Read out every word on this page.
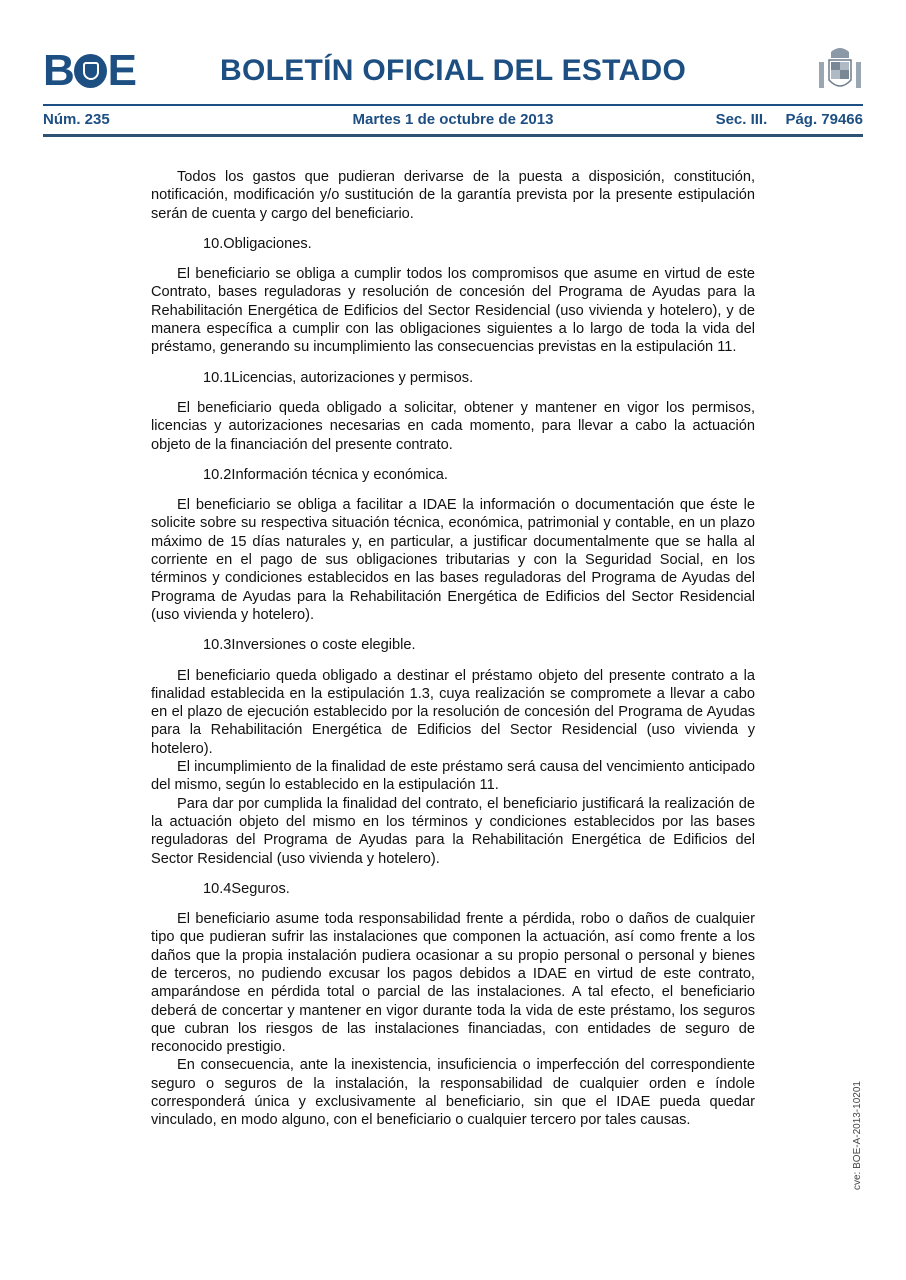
B E	BOLETÍN OFICIAL DEL ESTADO
Núm. 235	Martes 1 de octubre de 2013	Sec. III. Pág. 79466

Todos los gastos que pudieran derivarse de la puesta a disposición, constitución, notificación, modificación y/o sustitución de la garantía prevista por la presente estipulación serán de cuenta y cargo del beneficiario.

10.Obligaciones.

El beneficiario se obliga a cumplir todos los compromisos que asume en virtud de este Contrato, bases reguladoras y resolución de concesión del Programa de Ayudas para la Rehabilitación Energética de Edificios del Sector Residencial (uso vivienda y hotelero), y de manera específica a cumplir con las obligaciones siguientes a lo largo de toda la vida del préstamo, generando su incumplimiento las consecuencias previstas en la estipulación 11.

10.1Licencias, autorizaciones y permisos.

El beneficiario queda obligado a solicitar, obtener y mantener en vigor los permisos, licencias y autorizaciones necesarias en cada momento, para llevar a cabo la actuación objeto de la financiación del presente contrato.

10.2Información técnica y económica.

El beneficiario se obliga a facilitar a IDAE la información o documentación que éste le solicite sobre su respectiva situación técnica, económica, patrimonial y contable, en un plazo máximo de 15 días naturales y, en particular, a justificar documentalmente que se halla al corriente en el pago de sus obligaciones tributarias y con la Seguridad Social, en los términos y condiciones establecidos en las bases reguladoras del Programa de Ayudas del Programa de Ayudas para la Rehabilitación Energética de Edificios del Sector Residencial (uso vivienda y hotelero).

10.3Inversiones o coste elegible.

El beneficiario queda obligado a destinar el préstamo objeto del presente contrato a la finalidad establecida en la estipulación 1.3, cuya realización se compromete a llevar a cabo en el plazo de ejecución establecido por la resolución de concesión del Programa de Ayudas para la Rehabilitación Energética de Edificios del Sector Residencial (uso vivienda y hotelero).

El incumplimiento de la finalidad de este préstamo será causa del vencimiento anticipado del mismo, según lo establecido en la estipulación 11.

Para dar por cumplida la finalidad del contrato, el beneficiario justificará la realización de la actuación objeto del mismo en los términos y condiciones establecidos por las bases reguladoras del Programa de Ayudas para la Rehabilitación Energética de Edificios del Sector Residencial (uso vivienda y hotelero).

10.4Seguros.

El beneficiario asume toda responsabilidad frente a pérdida, robo o daños de cualquier tipo que pudieran sufrir las instalaciones que componen la actuación, así como frente a los daños que la propia instalación pudiera ocasionar a su propio personal o personal y bienes de terceros, no pudiendo excusar los pagos debidos a IDAE en virtud de este contrato, amparándose en pérdida total o parcial de las instalaciones. A tal efecto, el beneficiario deberá de concertar y mantener en vigor durante toda la vida de este préstamo, los seguros que cubran los riesgos de las instalaciones financiadas, con entidades de seguro de reconocido prestigio.

En consecuencia, ante la inexistencia, insuficiencia o imperfección del correspondiente seguro o seguros de la instalación, la responsabilidad de cualquier orden e índole corresponderá única y exclusivamente al beneficiario, sin que el IDAE pueda quedar vinculado, en modo alguno, con el beneficiario o cualquier tercero por tales causas.	cve: BOE-A-2013-10201
